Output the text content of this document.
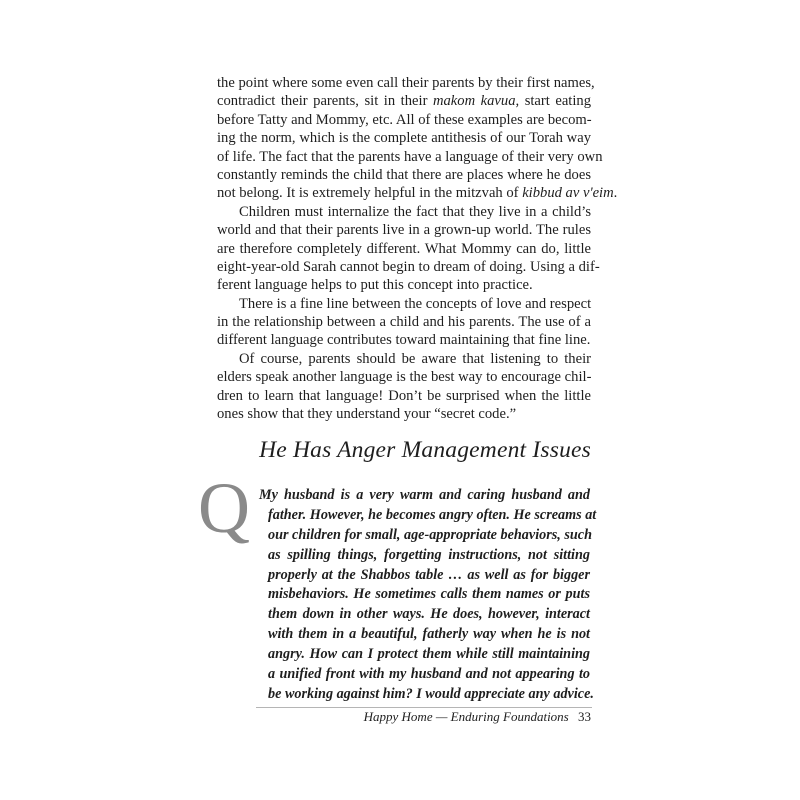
the point where some even call their parents by their first names,
contradict their parents, sit in their makom kavua, start eating
before Tatty and Mommy, etc. All of these examples are becom-
ing the norm, which is the complete antithesis of our Torah way
of life. The fact that the parents have a language of their very own
constantly reminds the child that there are places where he does
not belong. It is extremely helpful in the mitzvah of kibbud av v'eim.
Children must internalize the fact that they live in a child’s
world and that their parents live in a grown-up world. The rules
are therefore completely different. What Mommy can do, little
eight-year-old Sarah cannot begin to dream of doing. Using a dif-
ferent language helps to put this concept into practice.
There is a fine line between the concepts of love and respect
in the relationship between a child and his parents. The use of a
different language contributes toward maintaining that fine line.
Of course, parents should be aware that listening to their
elders speak another language is the best way to encourage chil-
dren to learn that language! Don’t be surprised when the little
ones show that they understand your “secret code.”
He Has Anger Management Issues
Q My husband is a very warm and caring husband and
father. However, he becomes angry often. He screams at
our children for small, age-appropriate behaviors, such
as spilling things, forgetting instructions, not sitting
properly at the Shabbos table … as well as for bigger
misbehaviors. He sometimes calls them names or puts
them down in other ways. He does, however, interact
with them in a beautiful, fatherly way when he is not
angry. How can I protect them while still maintaining
a unified front with my husband and not appearing to
be working against him? I would appreciate any advice.
Happy Home — Enduring Foundations 33
